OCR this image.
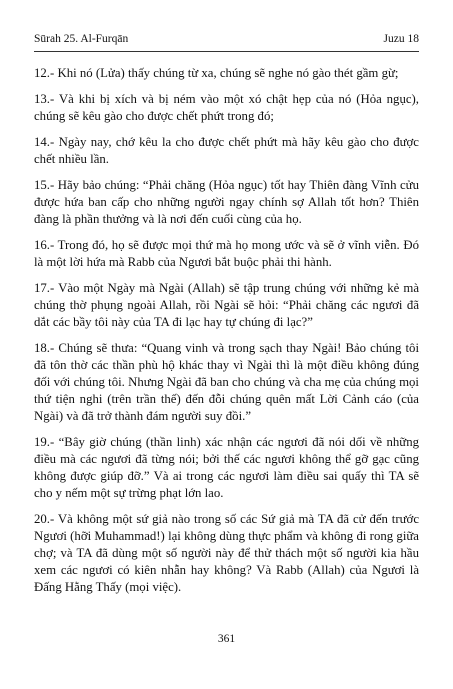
Sūrah 25. Al-Furqān	Juzu 18

12.- Khi nó (Lửa) thấy chúng từ xa, chúng sẽ nghe nó gào thét gầm gừ;

13.- Và khi bị xích và bị ném vào một xó chật hẹp của nó (Hỏa ngục), chúng sẽ kêu gào cho được chết phứt trong đó;

14.- Ngày nay, chớ kêu la cho được chết phứt mà hãy kêu gào cho được chết nhiều lần.

15.- Hãy bảo chúng: “Phải chăng (Hỏa ngục) tốt hay Thiên đàng Vĩnh cửu được hứa ban cấp cho những người ngay chính sợ Allah tốt hơn? Thiên đàng là phần thưởng và là nơi đến cuối cùng của họ.

16.- Trong đó, họ sẽ được mọi thứ mà họ mong ước và sẽ ở vĩnh viễn. Đó là một lời hứa mà Rabb của Ngươi bắt buộc phải thi hành.

17.- Vào một Ngày mà Ngài (Allah) sẽ tập trung chúng với những kẻ mà chúng thờ phụng ngoài Allah, rồi Ngài sẽ hỏi: “Phải chăng các ngươi đã dắt các bầy tôi này của TA đi lạc hay tự chúng đi lạc?”

18.- Chúng sẽ thưa: “Quang vinh và trong sạch thay Ngài! Bảo chúng tôi đã tôn thờ các thần phù hộ khác thay vì Ngài thì là một điều không đúng đối với chúng tôi. Nhưng Ngài đã ban cho chúng và cha mẹ của chúng mọi thứ tiện nghi (trên trần thế) đến đỗi chúng quên mất Lời Cảnh cáo (của Ngài) và đã trở thành đám người suy đồi.”

19.- “Bây giờ chúng (thần linh) xác nhận các ngươi đã nói dối về những điều mà các ngươi đã từng nói; bởi thế các ngươi không thể gỡ gạc cũng không được giúp đỡ.” Và ai trong các ngươi làm điều sai quấy thì TA sẽ cho y nếm một sự trừng phạt lớn lao.

20.- Và không một sứ giả nào trong số các Sứ giả mà TA đã cử đến trước Ngươi (hỡi Muhammad!) lại không dùng thực phẩm và không đi rong giữa chợ; và TA đã dùng một số người này để thử thách một số người kia hầu xem các ngươi có kiên nhẫn hay không? Và Rabb (Allah) của Ngươi là Đấng Hằng Thấy (mọi việc).

361
